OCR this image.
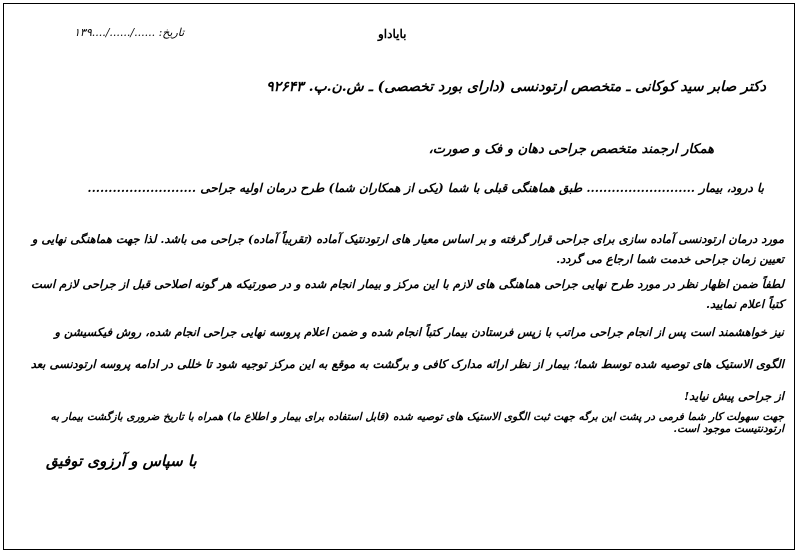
تاریخ: ....../....../....۱۳۹	باياداو
دکتر صابر سید کوکانی ـ متخصص ارتودنسی (دارای بورد تخصصی) ـ ش.ن.پ. ۹۲۶۴۳
همکار ارجمند متخصص جراحی دهان و فک و صورت،
با درود، بیمار .......................... طبق هماهنگی قبلی با شما (یکی از همکاران شما) طرح درمان اولیه جراحی ..........................
مورد درمان ارتودنسی آماده سازی برای جراحی قرار گرفته و بر اساس معیار های ارتودنتیک آماده (تقریباً آماده) جراحی می باشد. لذا جهت هماهنگی نهایی و تعیین زمان جراحی خدمت شما ارجاع می گردد.
لطفاً ضمن اظهار نظر در مورد طرح نهایی جراحی هماهنگی های لازم با این مرکز و بیمار انجام شده و در صورتیکه هر گونه اصلاحی قبل از جراحی لازم است کتباً اعلام نمایید.
نیز خواهشمند است پس از انجام جراحی مراتب با زپس فرستادن بیمار کتباً انجام شده و ضمن اعلام پروسه نهایی جراحی انجام شده، روش فیکسیشن و الگوی الاستیک های توصیه شده توسط شما؛ بیمار از نظر ارائه مدارک کافی و برگشت به موقع به این مرکز توجیه شود تا خللی در ادامه پروسه ارتودنسی بعد از جراحی پیش نیاید!
جهت سهولت کار شما فرمی در پشت این برگه جهت ثبت الگوی الاستیک های توصیه شده (قابل استفاده برای بیمار و اطلاع ما) همراه با تاریخ ضروری بازگشت بیمار به ارتودنتیست موجود است.
با سپاس و آرزوی توفیق
